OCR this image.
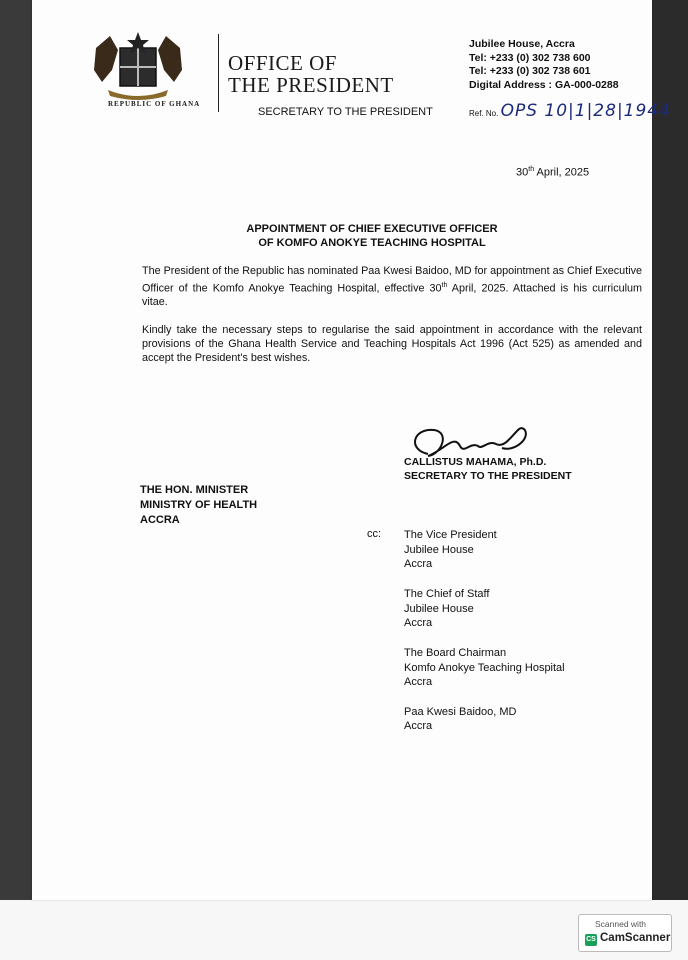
REPUBLIC OF GHANA
OFFICE OF
THE PRESIDENT
SECRETARY TO THE PRESIDENT
Jubilee House, Accra
Tel: +233 (0) 302 738 600
Tel: +233 (0) 302 738 601
Digital Address : GA-000-0288
Ref. No. OPS 10|1|28|1944
30th April, 2025
APPOINTMENT OF CHIEF EXECUTIVE OFFICER
OF KOMFO ANOKYE TEACHING HOSPITAL
The President of the Republic has nominated Paa Kwesi Baidoo, MD for appointment as Chief Executive Officer of the Komfo Anokye Teaching Hospital, effective 30th April, 2025. Attached is his curriculum vitae.
Kindly take the necessary steps to regularise the said appointment in accordance with the relevant provisions of the Ghana Health Service and Teaching Hospitals Act 1996 (Act 525) as amended and accept the President's best wishes.
CALLISTUS MAHAMA, Ph.D.
SECRETARY TO THE PRESIDENT
THE HON. MINISTER
MINISTRY OF HEALTH
ACCRA
cc: The Vice President
Jubilee House
Accra
The Chief of Staff
Jubilee House
Accra
The Board Chairman
Komfo Anokye Teaching Hospital
Accra
Paa Kwesi Baidoo, MD
Accra
Scanned with
CS CamScanner
